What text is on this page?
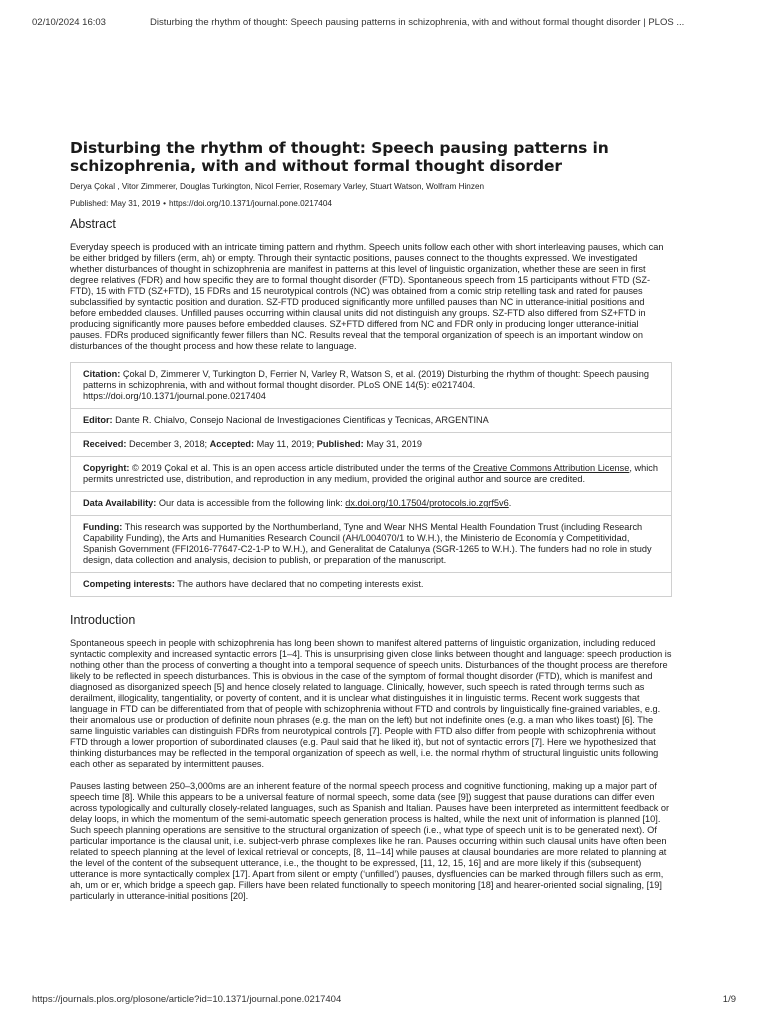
02/10/2024 16:03	Disturbing the rhythm of thought: Speech pausing patterns in schizophrenia, with and without formal thought disorder | PLOS ...
Disturbing the rhythm of thought: Speech pausing patterns in schizophrenia, with and without formal thought disorder
Derya Çokal , Vitor Zimmerer, Douglas Turkington, Nicol Ferrier, Rosemary Varley, Stuart Watson, Wolfram Hinzen
Published: May 31, 2019 • https://doi.org/10.1371/journal.pone.0217404
Abstract

Everyday speech is produced with an intricate timing pattern and rhythm. Speech units follow each other with short interleaving pauses, which can be either bridged by fillers (erm, ah) or empty. Through their syntactic positions, pauses connect to the thoughts expressed. We investigated whether disturbances of thought in schizophrenia are manifest in patterns at this level of linguistic organization, whether these are seen in first degree relatives (FDR) and how specific they are to formal thought disorder (FTD). Spontaneous speech from 15 participants without FTD (SZ-FTD), 15 with FTD (SZ+FTD), 15 FDRs and 15 neurotypical controls (NC) was obtained from a comic strip retelling task and rated for pauses subclassified by syntactic position and duration. SZ-FTD produced significantly more unfilled pauses than NC in utterance-initial positions and before embedded clauses. Unfilled pauses occurring within clausal units did not distinguish any groups. SZ-FTD also differed from SZ+FTD in producing significantly more pauses before embedded clauses. SZ+FTD differed from NC and FDR only in producing longer utterance-initial pauses. FDRs produced significantly fewer fillers than NC. Results reveal that the temporal organization of speech is an important window on disturbances of the thought process and how these relate to language.

Citation: Çokal D, Zimmerer V, Turkington D, Ferrier N, Varley R, Watson S, et al. (2019) Disturbing the rhythm of thought: Speech pausing patterns in schizophrenia, with and without formal thought disorder. PLoS ONE 14(5): e0217404. https://doi.org/10.1371/journal.pone.0217404
Editor: Dante R. Chialvo, Consejo Nacional de Investigaciones Cientificas y Tecnicas, ARGENTINA
Received: December 3, 2018; Accepted: May 11, 2019; Published: May 31, 2019
Copyright: © 2019 Çokal et al. This is an open access article distributed under the terms of the Creative Commons Attribution License, which permits unrestricted use, distribution, and reproduction in any medium, provided the original author and source are credited.
Data Availability: Our data is accessible from the following link: dx.doi.org/10.17504/protocols.io.zgrf5v6.
Funding: This research was supported by the Northumberland, Tyne and Wear NHS Mental Health Foundation Trust (including Research Capability Funding), the Arts and Humanities Research Council (AH/L004070/1 to W.H.), the Ministerio de Economía y Competitividad, Spanish Government (FFI2016-77647-C2-1-P to W.H.), and Generalitat de Catalunya (SGR-1265 to W.H.). The funders had no role in study design, data collection and analysis, decision to publish, or preparation of the manuscript.
Competing interests: The authors have declared that no competing interests exist.
Introduction

Spontaneous speech in people with schizophrenia has long been shown to manifest altered patterns of linguistic organization, including reduced syntactic complexity and increased syntactic errors [1–4]. This is unsurprising given close links between thought and language: speech production is nothing other than the process of converting a thought into a temporal sequence of speech units. Disturbances of the thought process are therefore likely to be reflected in speech disturbances. This is obvious in the case of the symptom of formal thought disorder (FTD), which is manifest and diagnosed as disorganized speech [5] and hence closely related to language. Clinically, however, such speech is rated through terms such as derailment, illogicality, tangentiality, or poverty of content, and it is unclear what distinguishes it in linguistic terms. Recent work suggests that language in FTD can be differentiated from that of people with schizophrenia without FTD and controls by linguistically fine-grained variables, e.g. their anomalous use or production of definite noun phrases (e.g. the man on the left) but not indefinite ones (e.g. a man who likes toast) [6]. The same linguistic variables can distinguish FDRs from neurotypical controls [7]. People with FTD also differ from people with schizophrenia without FTD through a lower proportion of subordinated clauses (e.g. Paul said that he liked it), but not of syntactic errors [7]. Here we hypothesized that thinking disturbances may be reflected in the temporal organization of speech as well, i.e. the normal rhythm of structural linguistic units following each other as separated by intermittent pauses.

Pauses lasting between 250–3,000ms are an inherent feature of the normal speech process and cognitive functioning, making up a major part of speech time [8]. While this appears to be a universal feature of normal speech, some data (see [9]) suggest that pause durations can differ even across typologically and culturally closely-related languages, such as Spanish and Italian. Pauses have been interpreted as intermittent feedback or delay loops, in which the momentum of the semi-automatic speech generation process is halted, while the next unit of information is planned [10]. Such speech planning operations are sensitive to the structural organization of speech (i.e., what type of speech unit is to be generated next). Of particular importance is the clausal unit, i.e. subject-verb phrase complexes like he ran. Pauses occurring within such clausal units have often been related to speech planning at the level of lexical retrieval or concepts, [8, 11–14] while pauses at clausal boundaries are more related to planning at the level of the content of the subsequent utterance, i.e., the thought to be expressed, [11, 12, 15, 16] and are more likely if this (subsequent) utterance is more syntactically complex [17]. Apart from silent or empty (‘unfilled’) pauses, dysfluencies can be marked through fillers such as erm, ah, um or er, which bridge a speech gap. Fillers have been related functionally to speech monitoring [18] and hearer-oriented social signaling, [19] particularly in utterance-initial positions [20].

https://journals.plos.org/plosone/article?id=10.1371/journal.pone.0217404	1/9
